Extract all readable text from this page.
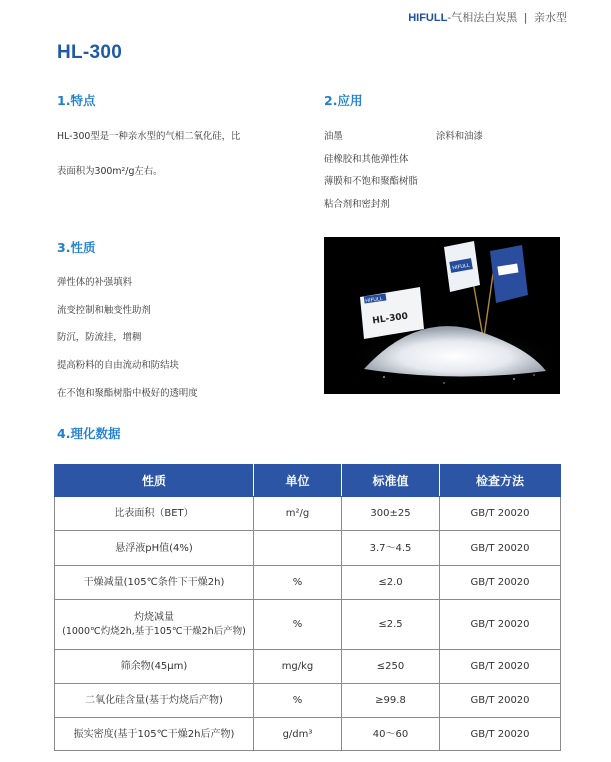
HIFULL-气相法白炭黑 | 亲水型
HL-300
1.特点
HL-300型是一种亲水型的气相二氧化硅，比
表面积为300m²/g左右。
2.应用
油墨	涂料和油漆
硅橡胶和其他弹性体
薄膜和不饱和聚酯树脂
粘合剂和密封剂
3.性质
弹性体的补强填料
流变控制和触变性助剂
防沉，防流挂，增稠
提高粉料的自由流动和防结块
在不饱和聚酯树脂中极好的透明度
HIFULL
HIFULL
HL-300
4.理化数据
性质	单位	标准值	检查方法
比表面积（BET）	m²/g	300±25	GB/T 20020
悬浮液pH值(4%)		3.7～4.5	GB/T 20020
干燥减量(105℃条件下干燥2h)	%	≤2.0	GB/T 20020

灼烧减量
(1000℃灼烧2h,基于105℃干燥2h后产物)	%	≤2.5	GB/T 20020
筛余物(45μm)	mg/kg	≤250	GB/T 20020
二氧化硅含量(基于灼烧后产物)	%	≥99.8	GB/T 20020
振实密度(基于105℃干燥2h后产物)	g/dm³	40～60	GB/T 20020
